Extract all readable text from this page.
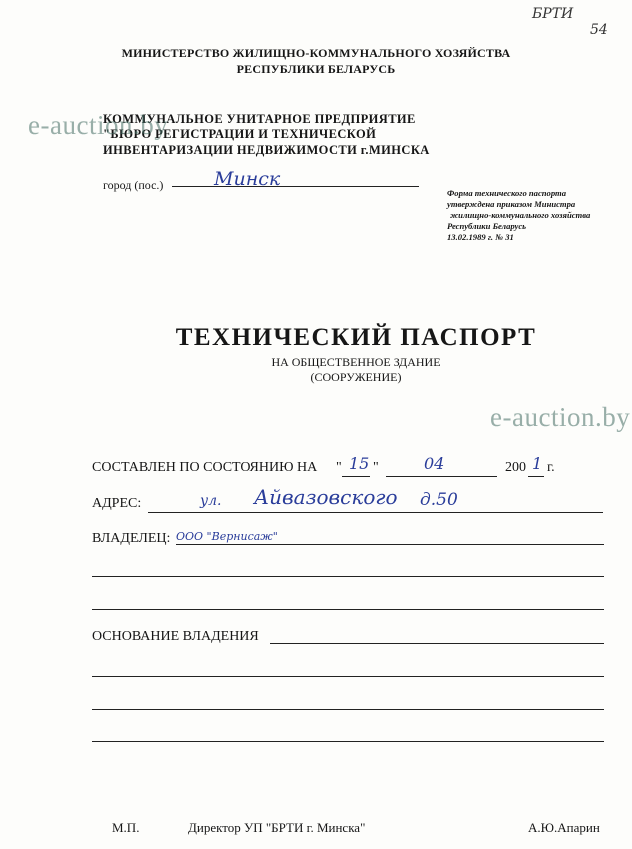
БРТИ
54
МИНИСТЕРСТВО ЖИЛИЩНО-КОММУНАЛЬНОГО ХОЗЯЙСТВА
РЕСПУБЛИКИ БЕЛАРУСЬ
КОММУНАЛЬНОЕ УНИТАРНОЕ ПРЕДПРИЯТИЕ
"БЮРО РЕГИСТРАЦИИ И ТЕХНИЧЕСКОЙ
ИНВЕНТАРИЗАЦИИ НЕДВИЖИМОСТИ г.МИНСКА
e-auction.by
e-auction.by
город (пос.)	Минск
Форма технического паспорта
утверждена приказом Министра
жилищно-коммунального хозяйства
Республики Беларусь
13.02.1989 г. № 31
ТЕХНИЧЕСКИЙ ПАСПОРТ
НА ОБЩЕСТВЕННОЕ ЗДАНИЕ
(СООРУЖЕНИЕ)
СОСТАВЛЕН ПО СОСТОЯНИЮ НА " 15 "	04	200 1 г.
АДРЕС:	ул. Айвазовского д.50
ВЛАДЕЛЕЦ: ООО "Вернисаж"
ОСНОВАНИЕ ВЛАДЕНИЯ
М.П.	Директор УП "БРТИ г. Минска"	А.Ю.Апарин
